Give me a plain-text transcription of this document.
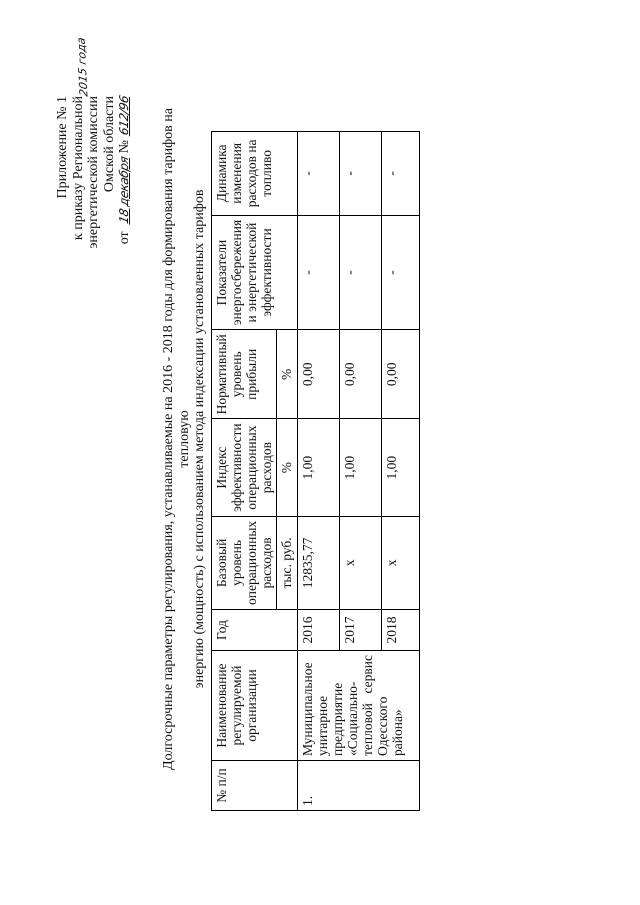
Приложение № 1 к приказу Региональной энергетической комиссии Омской области
от
18 декабря
№
612/96
2015 года
Долгосрочные параметры регулирования, устанавливаемые на 2016 - 2018 годы для формирования тарифов на тепловую энергию (мощность) с использованием метода индексации установленных тарифов
№ п/п	Наименование регулируемой организации	Год	Базовый уровень операционных расходов	Индекс эффективности операционных расходов	Нормативный уровень прибыли	Показатели энергосбережения и энергетической эффективности	Динамика изменения расходов на топливо
			тыс. руб.	%	%		
1.	Муниципальное унитарное предприятие «Социально-тепловой сервис Одесского района»	2016	12835,77	1,00	0,00	-	-
		2017	х	1,00	0,00	-	-
		2018	х	1,00	0,00	-	-
